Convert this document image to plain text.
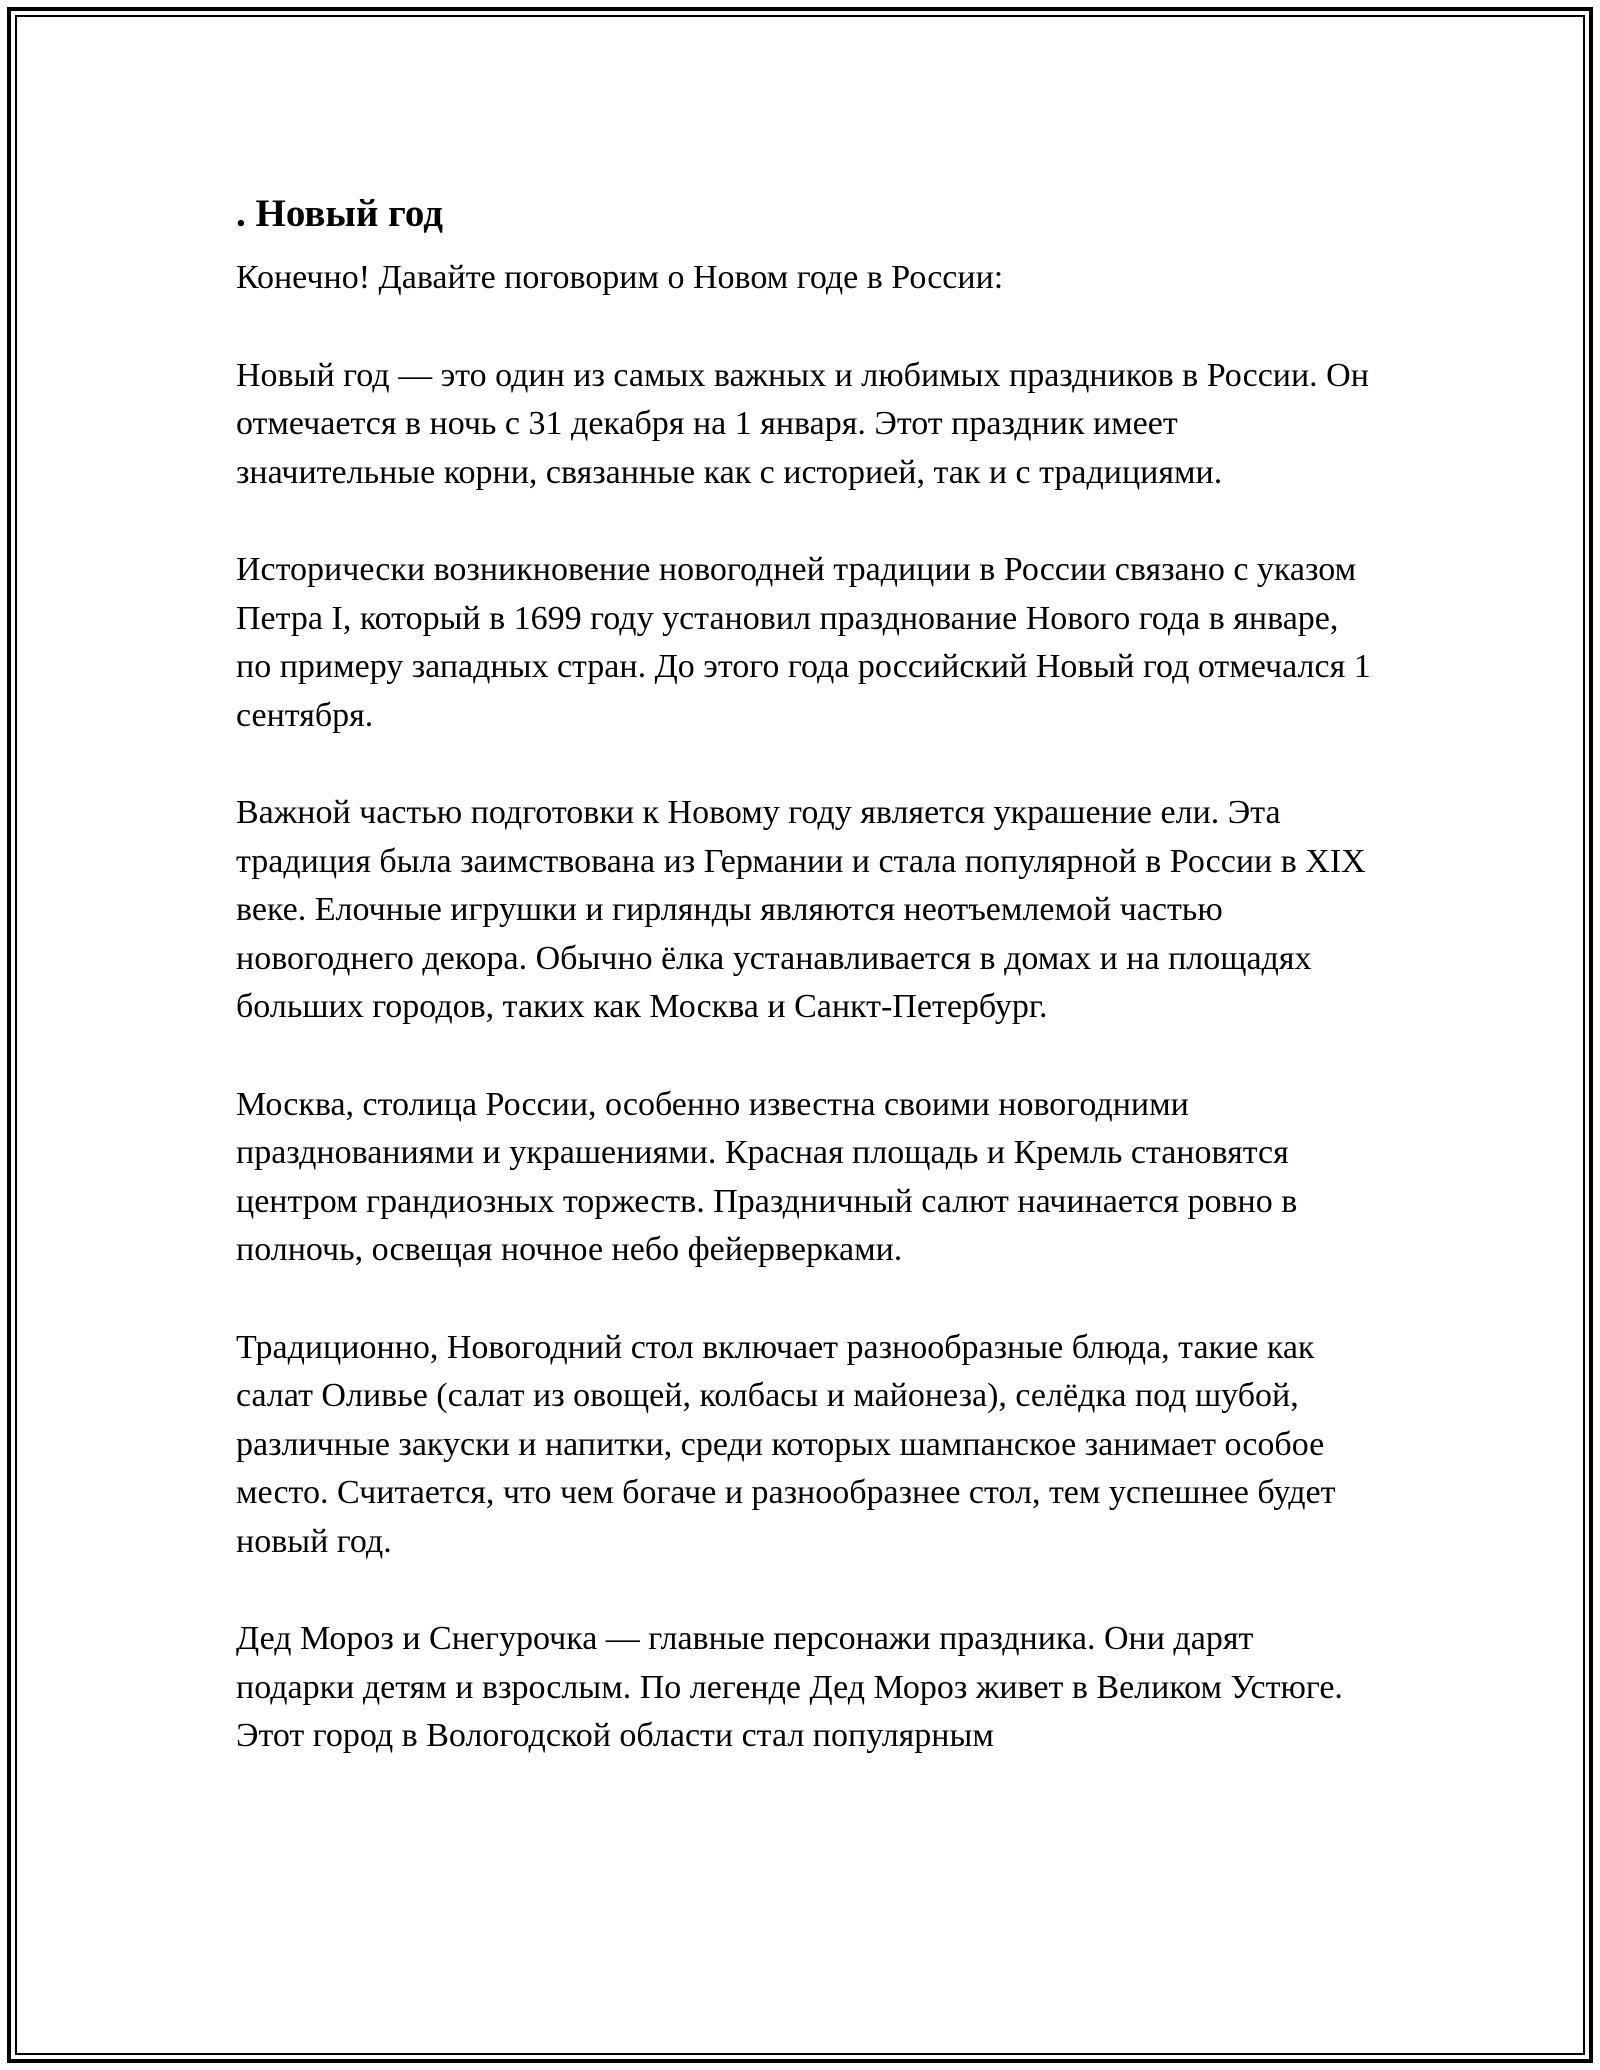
. Новый год

Конечно! Давайте поговорим о Новом годе в России:

Новый год — это один из самых важных и любимых праздников в России. Он отмечается в ночь с 31 декабря на 1 января. Этот праздник имеет значительные корни, связанные как с историей, так и с традициями.

Исторически возникновение новогодней традиции в России связано с указом Петра I, который в 1699 году установил празднование Нового года в январе, по примеру западных стран. До этого года российский Новый год отмечался 1 сентября.

Важной частью подготовки к Новому году является украшение ели. Эта традиция была заимствована из Германии и стала популярной в России в XIX веке. Елочные игрушки и гирлянды являются неотъемлемой частью новогоднего декора. Обычно ёлка устанавливается в домах и на площадях больших городов, таких как Москва и Санкт-Петербург.

Москва, столица России, особенно известна своими новогодними празднованиями и украшениями. Красная площадь и Кремль становятся центром грандиозных торжеств. Праздничный салют начинается ровно в полночь, освещая ночное небо фейерверками.

Традиционно, Новогодний стол включает разнообразные блюда, такие как салат Оливье (салат из овощей, колбасы и майонеза), селёдка под шубой, различные закуски и напитки, среди которых шампанское занимает особое место. Считается, что чем богаче и разнообразнее стол, тем успешнее будет новый год.

Дед Мороз и Снегурочка — главные персонажи праздника. Они дарят подарки детям и взрослым. По легенде Дед Мороз живет в Великом Устюге. Этот город в Вологодской области стал популярным
